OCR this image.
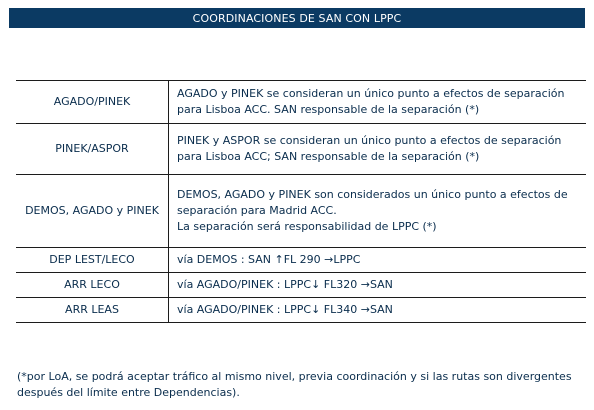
COORDINACIONES DE SAN CON LPPC
AGADO/PINEK	AGADO y PINEK se consideran un único punto a efectos de separación
para Lisboa ACC. SAN responsable de la separación (*)

PINEK/ASPOR	PINEK y ASPOR se consideran un único punto a efectos de separación
para Lisboa ACC; SAN responsable de la separación (*)

DEMOS, AGADO y PINEK	DEMOS, AGADO y PINEK son considerados un único punto a efectos de
separación para Madrid ACC.
La separación será responsabilidad de LPPC (*)

DEP LEST/LECO	vía DEMOS : SAN ↑FL 290 →LPPC

ARR LECO	vía AGADO/PINEK : LPPC↓ FL320 →SAN

ARR LEAS	vía AGADO/PINEK : LPPC↓ FL340 →SAN
(*por LoA, se podrá aceptar tráfico al mismo nivel, previa coordinación y si las rutas son divergentes
después del límite entre Dependencias).
